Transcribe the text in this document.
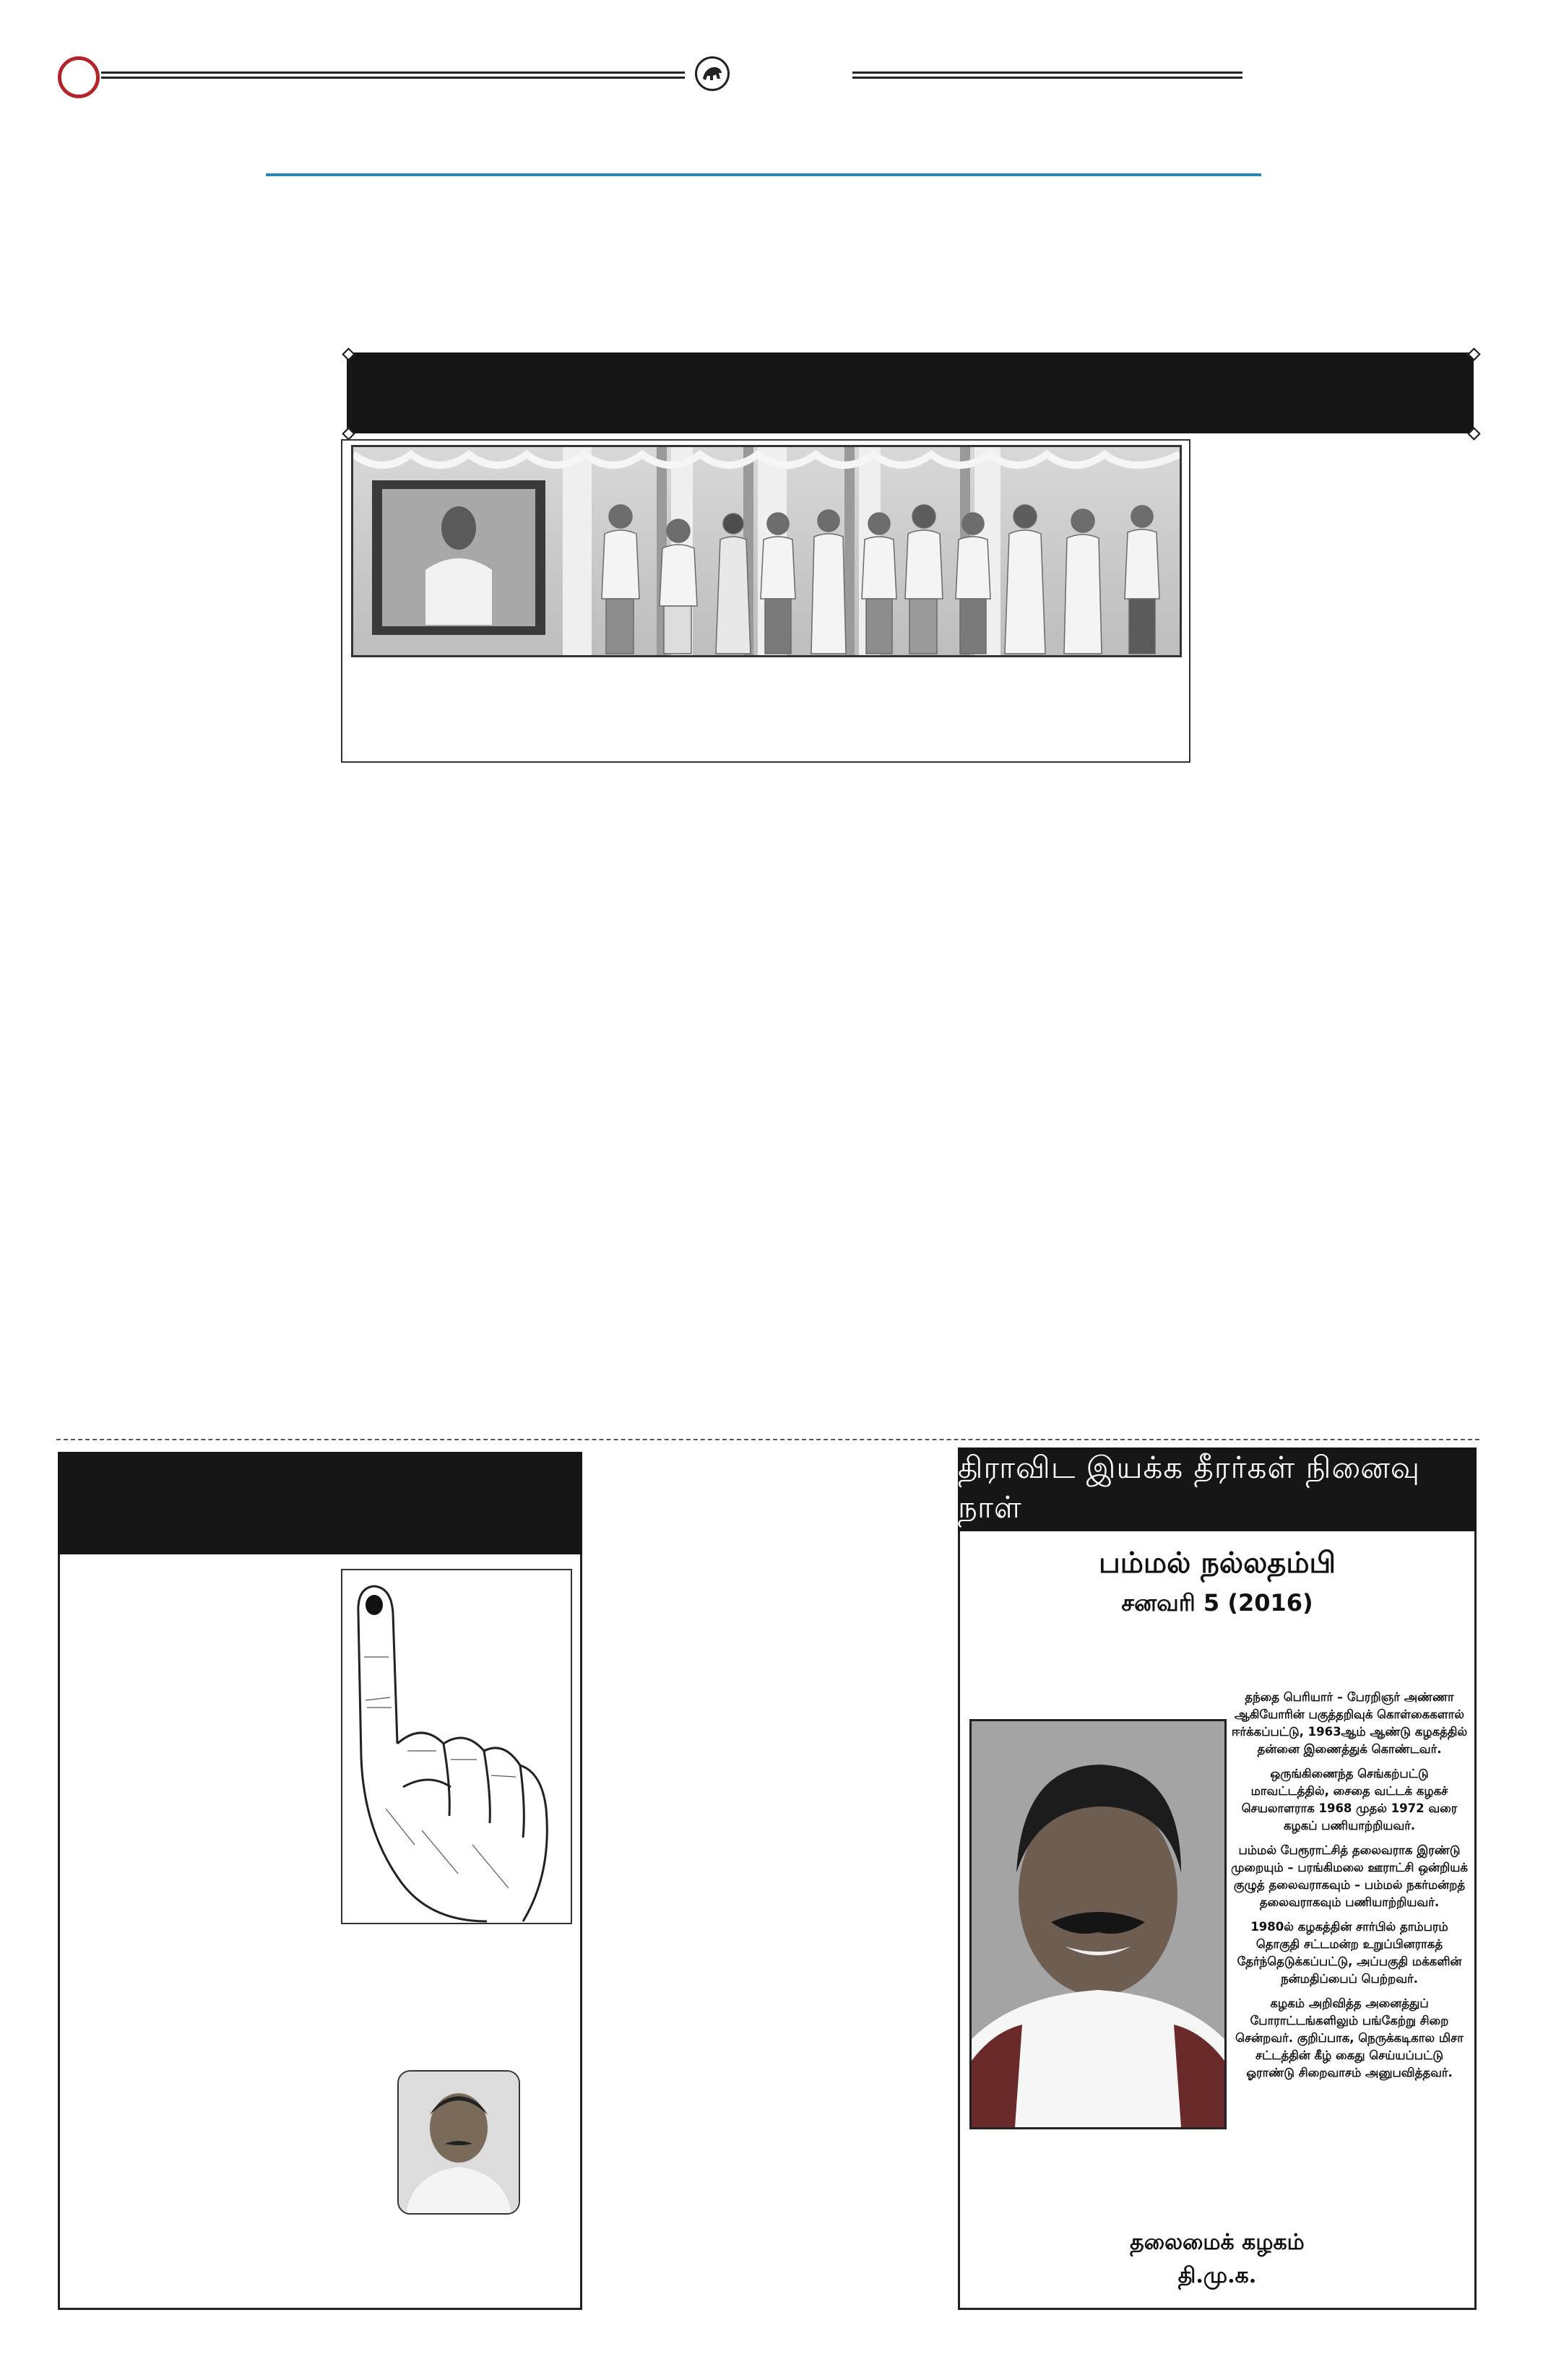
திராவிட இயக்க தீரர்கள் நினைவு நாள்
பம்மல் நல்லதம்பி
சனவரி 5 (2016)

தந்தை பெரியார் – பேரறிஞர் அண்ணா ஆகியோரின் பகுத்தறிவுக் கொள்கைகளால் ஈர்க்கப்பட்டு, 1963ஆம் ஆண்டு கழகத்தில் தன்னை இணைத்துக் கொண்டவர்.

ஒருங்கிணைந்த செங்கற்பட்டு மாவட்டத்தில், சைதை வட்டக் கழகச் செயலாளராக 1968 முதல் 1972 வரை கழகப் பணியாற்றியவர்.

பம்மல் பேரூராட்சித் தலைவராக இரண்டு முறையும் – பரங்கிமலை ஊராட்சி ஒன்றியக் குழுத் தலைவராகவும் – பம்மல் நகர்மன்றத் தலைவராகவும் பணியாற்றியவர்.

1980ல் கழகத்தின் சார்பில் தாம்பரம் தொகுதி சட்டமன்ற உறுப்பினராகத் தேர்ந்தெடுக்கப்பட்டு, அப்பகுதி மக்களின் நன்மதிப்பைப் பெற்றவர்.

கழகம் அறிவித்த அனைத்துப் போராட்டங்களிலும் பங்கேற்று சிறை சென்றவர். குறிப்பாக, நெருக்கடிகால மிசா சட்டத்தின் கீழ் கைது செய்யப்பட்டு ஓராண்டு சிறைவாசம் அனுபவித்தவர்.

தலைமைக் கழகம்
தி.மு.க.
